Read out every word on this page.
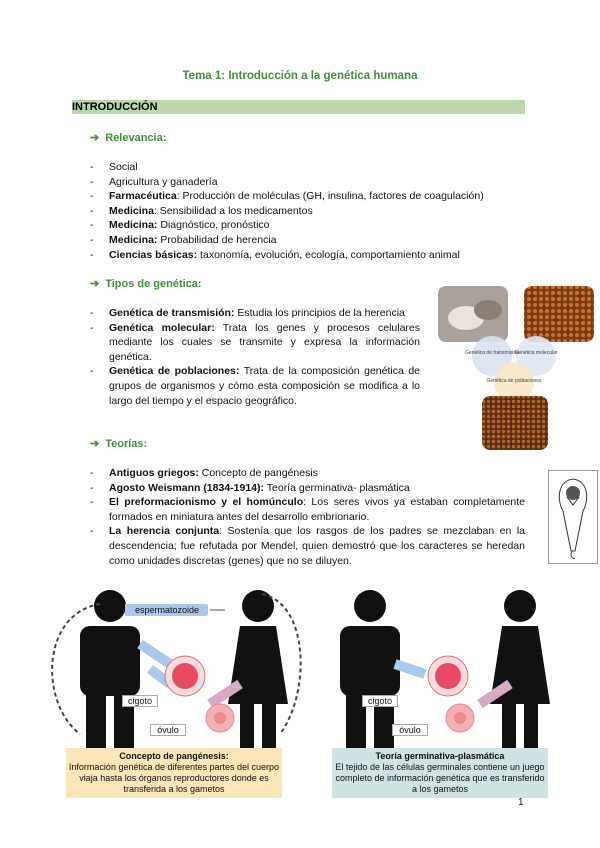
Tema 1: Introducción a la genética humana
INTRODUCCIÓN
➔ Relevancia:
- Social
- Agricultura y ganadería
- Farmacéutica: Producción de moléculas (GH, insulina, factores de coagulación)
- Medicina: Sensibilidad a los medicamentos
- Medicina: Diagnóstico, pronóstico
- Medicina: Probabilidad de herencia
- Ciencias básicas: taxonomía, evolución, ecología, comportamiento animal
➔ Tipos de genética:
- Genética de transmisión: Estudia los principios de la herencia
- Genética molecular: Trata los genes y procesos celulares mediante los cuales se transmite y expresa la información genética.
- Genética de poblaciones: Trata de la composición genética de grupos de organismos y cómo esta composición se modifica a lo largo del tiempo y el espacio geográfico.
Genética de transmisión
Genética molecular
Genética de poblaciones
➔ Teorías:
- Antiguos griegos: Concepto de pangénesis
- Agosto Weismann (1834-1914): Teoría germinativa- plasmática
- El preformacionismo y el homúnculo: Los seres vivos ya estaban completamente formados en miniatura antes del desarrollo embrionario.
- La herencia conjunta: Sostenía que los rasgos de los padres se mezclaban en la descendencia; fue refutada por Mendel, quien demostró que los caracteres se heredan como unidades discretas (genes) que no se diluyen.
espermatozoide
cigoto
óvulo
cigoto
óvulo
Concepto de pangénesis:
Información genética de diferentes partes del cuerpo viaja hasta los órganos reproductores donde es transferida a los gametos
Teoría germinativa-plasmática
El tejido de las células germinales contiene un juego completo de información genética que es transferido a los gametos
1
